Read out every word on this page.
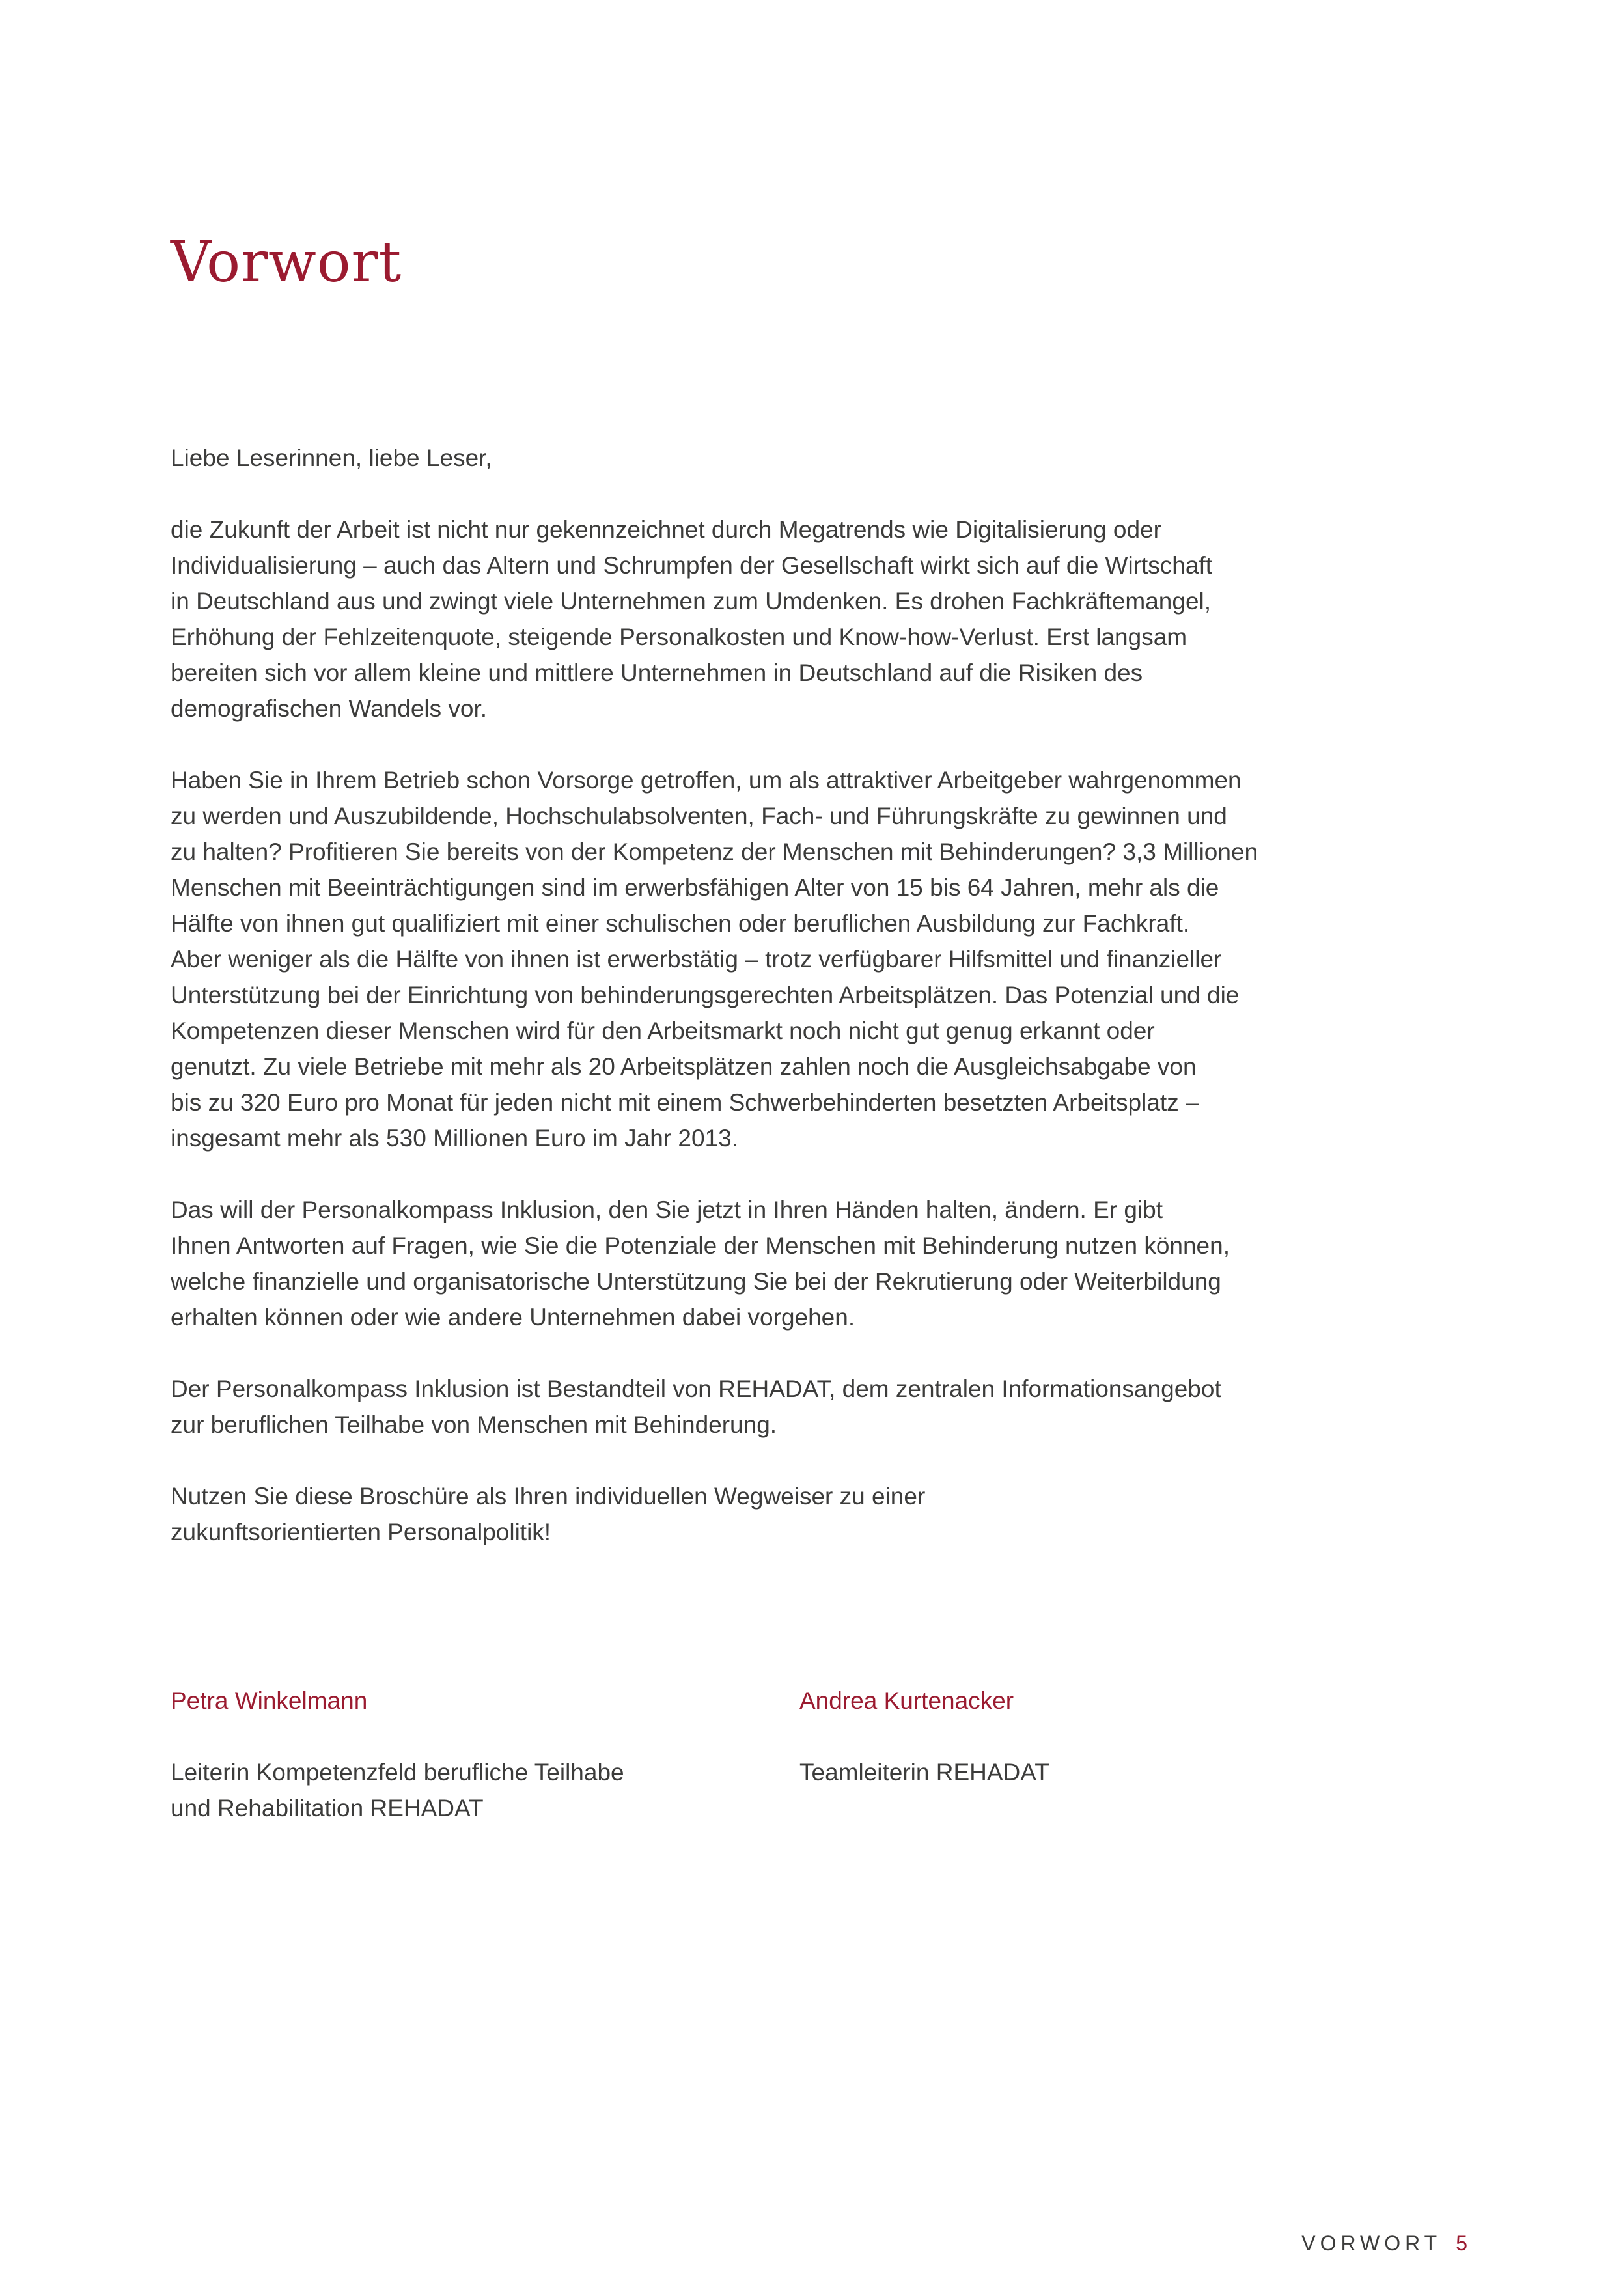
Vorwort

Liebe Leserinnen, liebe Leser,

die Zukunft der Arbeit ist nicht nur gekennzeichnet durch Megatrends wie Digitalisierung oder
Individualisierung – auch das Altern und Schrumpfen der Gesellschaft wirkt sich auf die Wirtschaft
in Deutschland aus und zwingt viele Unternehmen zum Umdenken. Es drohen Fachkräftemangel,
Erhöhung der Fehlzeitenquote, steigende Personalkosten und Know-how-Verlust. Erst langsam
bereiten sich vor allem kleine und mittlere Unternehmen in Deutschland auf die Risiken des
demografischen Wandels vor.

Haben Sie in Ihrem Betrieb schon Vorsorge getroffen, um als attraktiver Arbeitgeber wahrgenommen
zu werden und Auszubildende, Hochschulabsolventen, Fach- und Führungskräfte zu gewinnen und
zu halten? Profitieren Sie bereits von der Kompetenz der Menschen mit Behinderungen? 3,3 Millionen
Menschen mit Beeinträchtigungen sind im erwerbsfähigen Alter von 15 bis 64 Jahren, mehr als die
Hälfte von ihnen gut qualifiziert mit einer schulischen oder beruflichen Ausbildung zur Fachkraft.
Aber weniger als die Hälfte von ihnen ist erwerbstätig – trotz verfügbarer Hilfsmittel und finanzieller
Unterstützung bei der Einrichtung von behinderungsgerechten Arbeitsplätzen. Das Potenzial und die
Kompetenzen dieser Menschen wird für den Arbeitsmarkt noch nicht gut genug erkannt oder
genutzt. Zu viele Betriebe mit mehr als 20 Arbeitsplätzen zahlen noch die Ausgleichsabgabe von
bis zu 320 Euro pro Monat für jeden nicht mit einem Schwerbehinderten besetzten Arbeitsplatz –
insgesamt mehr als 530 Millionen Euro im Jahr 2013.

Das will der Personalkompass Inklusion, den Sie jetzt in Ihren Händen halten, ändern. Er gibt
Ihnen Antworten auf Fragen, wie Sie die Potenziale der Menschen mit Behinderung nutzen können,
welche finanzielle und organisatorische Unterstützung Sie bei der Rekrutierung oder Weiterbildung
erhalten können oder wie andere Unternehmen dabei vorgehen.

Der Personalkompass Inklusion ist Bestandteil von REHADAT, dem zentralen Informationsangebot
zur beruflichen Teilhabe von Menschen mit Behinderung.

Nutzen Sie diese Broschüre als Ihren individuellen Wegweiser zu einer
zukunftsorientierten Personalpolitik!

Petra Winkelmann

Leiterin Kompetenzfeld berufliche Teilhabe
und Rehabilitation REHADAT

Andrea Kurtenacker

Teamleiterin REHADAT

VORWORT 5
